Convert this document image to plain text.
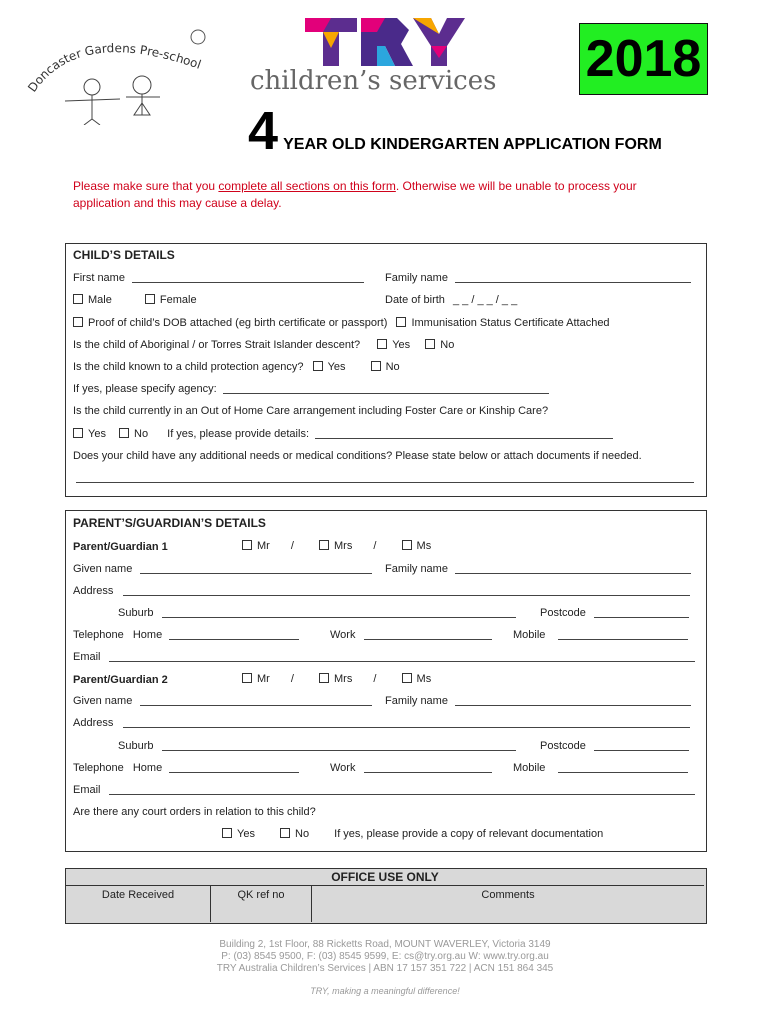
Doncaster Gardens Pre-school
children’s services 2018
4 YEAR OLD KINDERGARTEN APPLICATION FORM
Please make sure that you complete all sections on this form. Otherwise we will be unable to process your
application and this may cause a delay.
CHILD’S DETAILS
First name	Family name
Male	Female	Date of birth _ _ / _ _ / _ _
Proof of child’s DOB attached (eg birth certificate or passport) Immunisation Status Certificate Attached
Is the child of Aboriginal / or Torres Strait Islander descent?	Yes	No
Is the child known to a child protection agency? Yes	No
If yes, please specify agency:
Is the child currently in an Out of Home Care arrangement including Foster Care or Kinship Care?
Yes	No If yes, please provide details:
Does your child have any additional needs or medical conditions? Please state below or attach documents if needed.
PARENT’S/GUARDIAN’S DETAILS
Parent/Guardian 1	Mr /	Mrs /	Ms
Given name	Family name
Address
Suburb	Postcode
Telephone Home	Work	Mobile
Email
Parent/Guardian 2	Mr /	Mrs /	Ms
Given name	Family name
Address
Suburb	Postcode
Telephone Home	Work	Mobile
Email
Are there any court orders in relation to this child?
Yes	No If yes, please provide a copy of relevant documentation
OFFICE USE ONLY
Date Received	QK ref no	Comments
Building 2, 1st Floor, 88 Ricketts Road, MOUNT WAVERLEY, Victoria 3149
P: (03) 8545 9500, F: (03) 8545 9599, E: cs@try.org.au W: www.try.org.au
TRY Australia Children’s Services | ABN 17 157 351 722 | ACN 151 864 345
TRY, making a meaningful difference!
